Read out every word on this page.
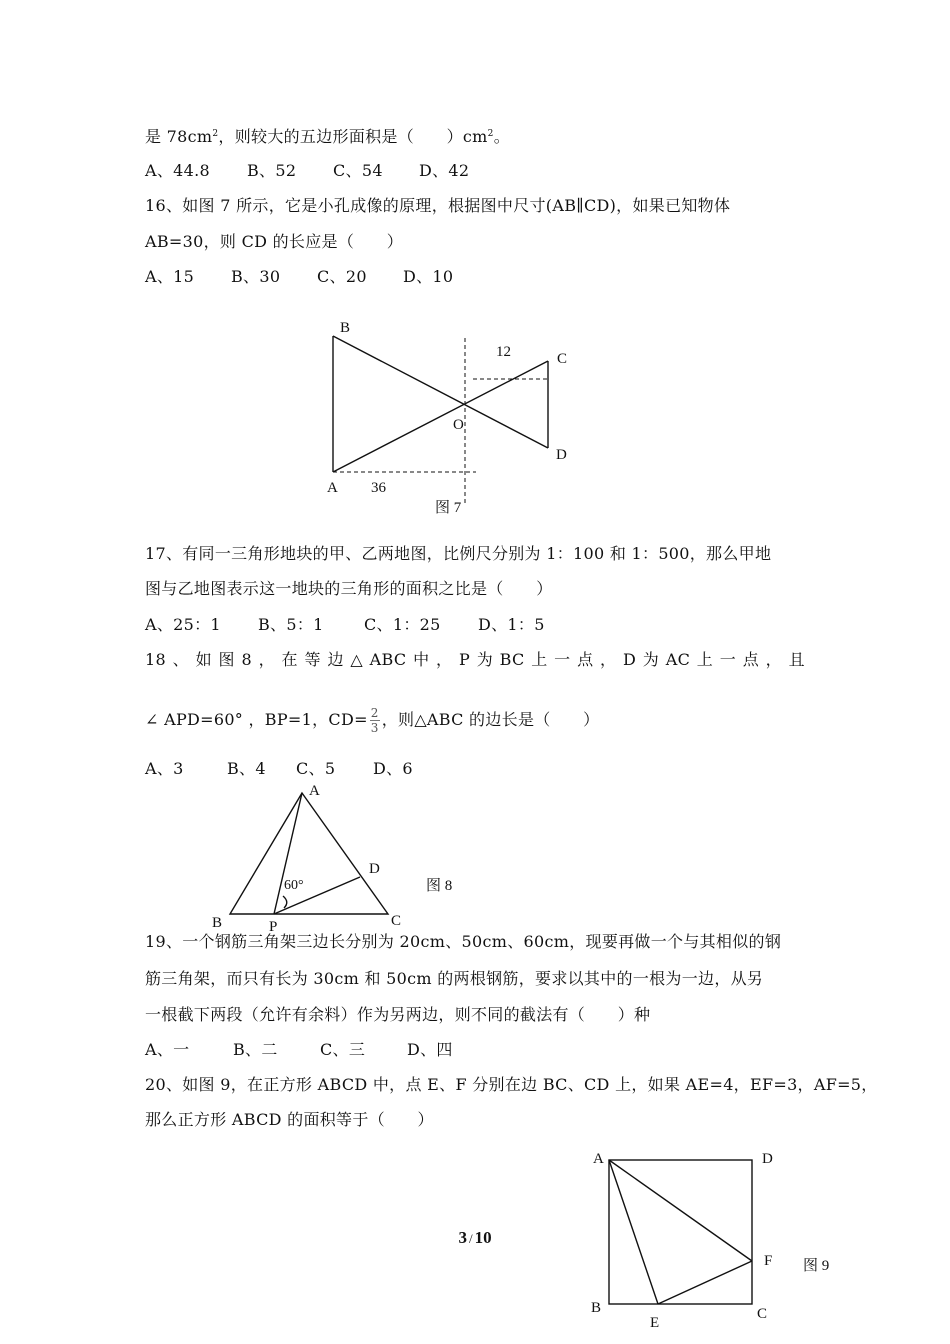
是 $78cm^2$，则较大的五边形面积是（　　）$cm^2$。
A、44.8 B、52 C、54 D、42
16、如图 7 所示，它是小孔成像的原理，根据图中尺寸(AB∥CD)，如果已知物体
AB=30，则 CD 的长应是（　　）
A、15 B、30 C、20 D、10
B
C
D
O
A 36
12
图 7
17、有同一三角形地块的甲、乙两地图，比例尺分别为 1：100 和 1：500，那么甲地
图与乙地图表示这一地块的三角形的面积之比是（　　）
A、25：1 B、5：1	C、1：25 D、1：5
18 、 如 图 8 ， 在 等 边 △ ABC 中 ， P 为 BC 上 一 点 ， D 为 AC 上 一 点 ， 且
∠ APD=60° ，BP=1，$CD= \frac{2}{3}$ ，则△ABC 的边长是（　　）
A、3	B、4 C、5 D、6
A
B	C
D
P
60°	图 8
19、一个钢筋三角架三边长分别为 20cm、50cm、60cm，现要再做一个与其相似的钢
筋三角架，而只有长为 30cm 和 50cm 的两根钢筋，要求以其中的一根为一边，从另
一根截下两段（允许有余料）作为另两边，则不同的截法有（　　）种
A、一	B、二	C、三	D、四
20、如图 9，在正方形 ABCD 中，点 E、F 分别在边 BC、CD 上，如果 AE=4，EF=3，AF=5，
那么正方形 ABCD 的面积等于（　　）
A	D
F
B	C
E
图 9
3 / 10
